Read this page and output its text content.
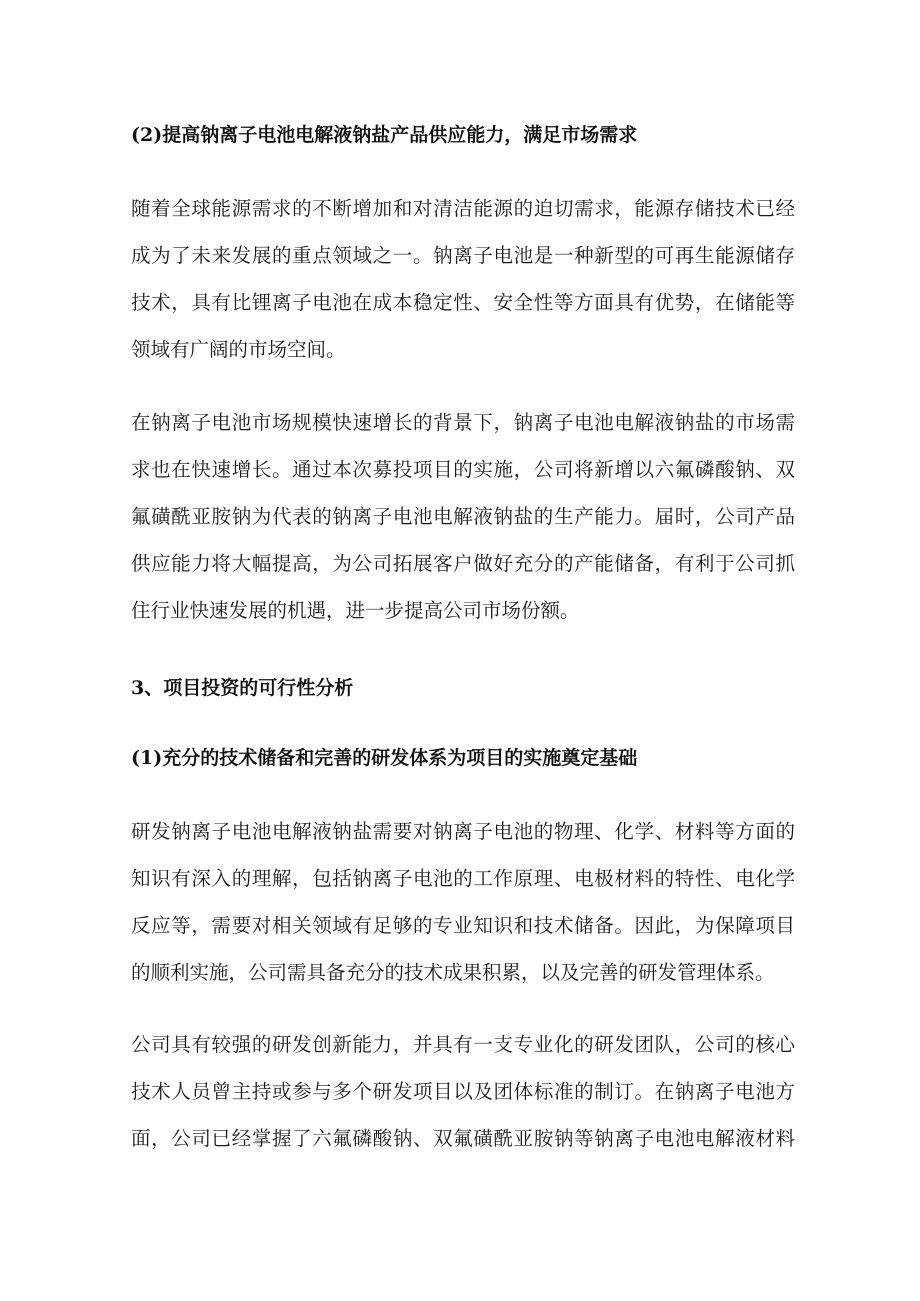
(2)提高钠离子电池电解液钠盐产品供应能力，满足市场需求
随着全球能源需求的不断增加和对清洁能源的迫切需求，能源存储技术已经
成为了未来发展的重点领域之一。钠离子电池是一种新型的可再生能源储存
技术，具有比锂离子电池在成本稳定性、安全性等方面具有优势，在储能等
领域有广阔的市场空间。
在钠离子电池市场规模快速增长的背景下，钠离子电池电解液钠盐的市场需
求也在快速增长。通过本次募投项目的实施，公司将新增以六氟磷酸钠、双
氟磺酰亚胺钠为代表的钠离子电池电解液钠盐的生产能力。届时，公司产品
供应能力将大幅提高，为公司拓展客户做好充分的产能储备，有利于公司抓
住行业快速发展的机遇，进一步提高公司市场份额。
3、项目投资的可行性分析
(1)充分的技术储备和完善的研发体系为项目的实施奠定基础
研发钠离子电池电解液钠盐需要对钠离子电池的物理、化学、材料等方面的
知识有深入的理解，包括钠离子电池的工作原理、电极材料的特性、电化学
反应等，需要对相关领域有足够的专业知识和技术储备。因此，为保障项目
的顺利实施，公司需具备充分的技术成果积累，以及完善的研发管理体系。
公司具有较强的研发创新能力，并具有一支专业化的研发团队，公司的核心
技术人员曾主持或参与多个研发项目以及团体标准的制订。在钠离子电池方
面，公司已经掌握了六氟磷酸钠、双氟磺酰亚胺钠等钠离子电池电解液材料
